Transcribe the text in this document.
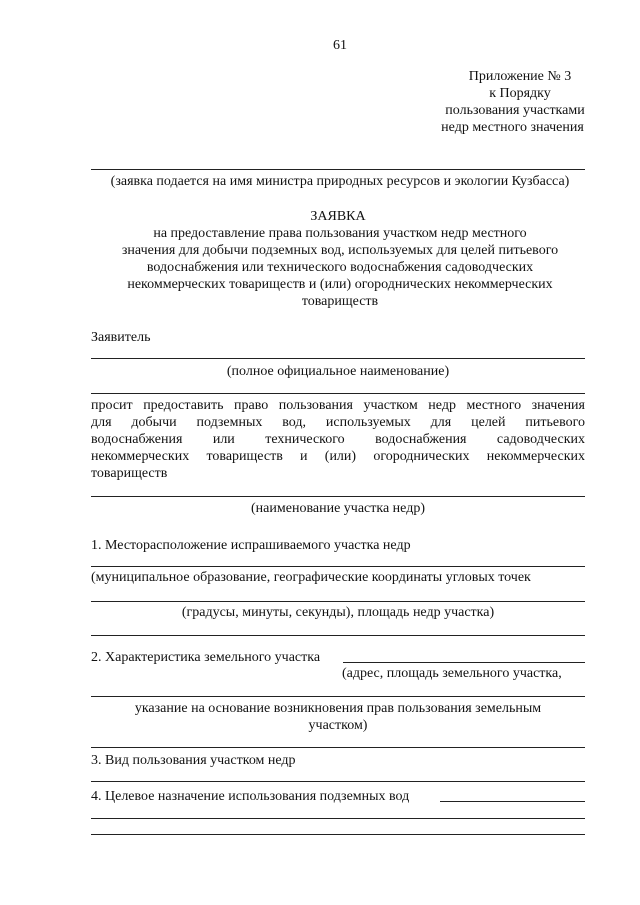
61
Приложение № 3
к Порядку
пользования участками
недр местного значения
(заявка подается на имя министра природных ресурсов и экологии Кузбасса)
ЗАЯВКА
на предоставление права пользования участком недр местного
значения для добычи подземных вод, используемых для целей питьевого
водоснабжения или технического водоснабжения садоводческих
некоммерческих товариществ и (или) огороднических некоммерческих
товариществ
Заявитель
(полное официальное наименование)
просит предоставить право пользования участком недр местного значения
для добычи подземных вод, используемых для целей питьевого
водоснабжения или технического водоснабжения садоводческих
некоммерческих товариществ и (или) огороднических некоммерческих
товариществ
(наименование участка недр)
1. Месторасположение испрашиваемого участка недр
(муниципальное образование, географические координаты угловых точек
(градусы, минуты, секунды), площадь недр участка)
2. Характеристика земельного участка
(адрес, площадь земельного участка,
указание на основание возникновения прав пользования земельным
участком)
3. Вид пользования участком недр
4. Целевое назначение использования подземных вод
